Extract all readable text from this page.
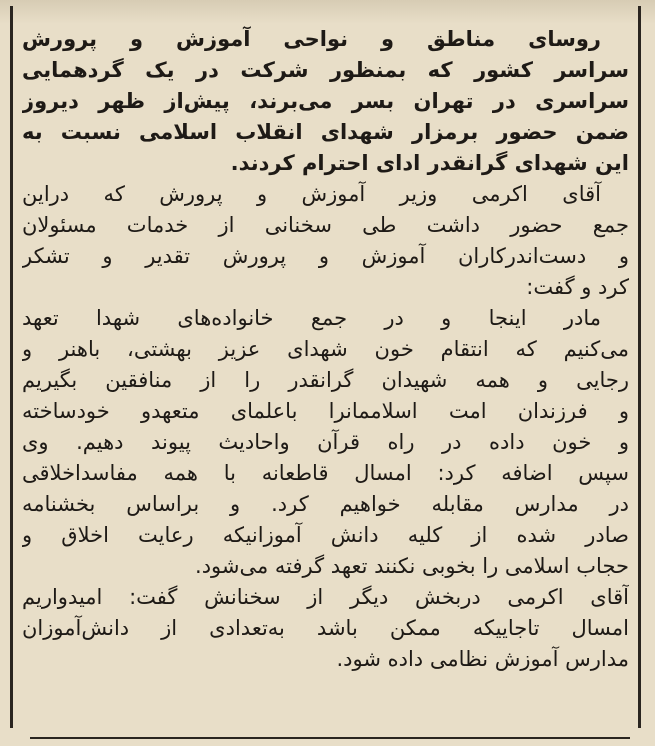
روسای مناطق و نواحی آموزش و پرورش
سراسر کشور که بمنظور شرکت در یک گردهمایی
سراسری در تهران بسر می‌برند، پیش‌از ظهر دیروز
ضمن حضور برمزار شهدای انقلاب اسلامی نسبت به
این شهدای گرانقدر ادای احترام کردند.
آقای اکرمی وزیر آموزش و پرورش که دراین
جمع حضور داشت طی سخنانی از خدمات مسئولان
و دست‌اندرکاران آموزش و پرورش تقدیر و تشکر
کرد و گفت:
مادر اینجا و در جمع خانواده‌های شهدا تعهد
می‌کنیم که انتقام خون شهدای عزیز بهشتی، باهنر و
رجایی و همه شهیدان گرانقدر را از منافقین بگیریم
و فرزندان امت اسلاممانرا باعلمای متعهدو خودساخته
و خون داده در راه قرآن واحادیث پیوند دهیم. وی
سپس اضافه کرد: امسال قاطعانه با همه مفاسداخلاقی
در مدارس مقابله خواهیم کرد. و براساس بخشنامه
صادر شده از کلیه دانش آموزانیکه رعایت اخلاق و
حجاب اسلامی را بخوبی نکنند تعهد گرفته می‌شود.
آقای اکرمی دربخش دیگر از سخنانش گفت: امیدواریم
امسال تاجاییکه ممکن باشد به‌تعدادی از دانش‌آموزان
مدارس آموزش نظامی داده شود.
